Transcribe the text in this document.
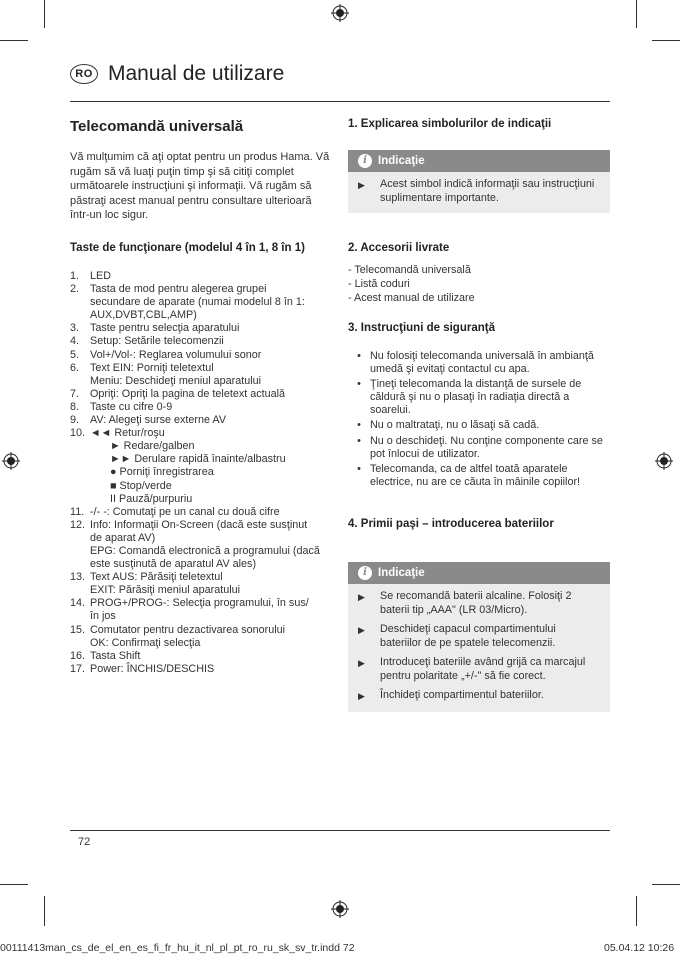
RO Manual de utilizare
Telecomandă universală
Vă mulţumim că aţi optat pentru un produs Hama. Vă rugăm să vă luaţi puţin timp şi să citiţi complet următoarele instrucţiuni şi informaţii. Vă rugăm să păstraţi acest manual pentru consultare ulterioară într-un loc sigur.
Taste de funcţionare (modelul 4 în 1, 8 în 1)
1.	LED
2.	Tasta de mod pentru alegerea grupei
secundare de aparate (numai modelul 8 în 1:
AUX,DVBT,CBL,AMP)
3.	Taste pentru selecţia aparatului
4.	Setup: Setările telecomenzii
5.	Vol+/Vol-: Reglarea volumului sonor
6.	Text EIN: Porniţi teletextul
Meniu: Deschideţi meniul aparatului
7.	Opriţi: Opriţi la pagina de teletext actuală
8.	Taste cu cifre 0-9
9.	AV: Alegeţi surse externe AV
10. ◄◄ Retur/roşu
► Redare/galben
►► Derulare rapidă înainte/albastru
● Porniţi înregistrarea
■ Stop/verde
II Pauză/purpuriu
11. -/- -: Comutaţi pe un canal cu două cifre
12. Info: Informaţii On-Screen (dacă este susţinut
de aparat AV)
EPG: Comandă electronică a programului (dacă
este susţinută de aparatul AV ales)
13. Text AUS: Părăsiţi teletextul
EXIT: Părăsiţi meniul aparatului
14. PROG+/PROG-: Selecţia programului, în sus/
în jos
15. Comutator pentru dezactivarea sonorului
OK: Confirmaţi selecţia
16. Tasta Shift
17. Power: ÎNCHIS/DESCHIS
1. Explicarea simbolurilor de indicaţii
i Indicaţie
▶	Acest simbol indică informaţii sau instrucţiuni suplimentare importante.
2. Accesorii livrate
- Telecomandă universală
- Listă coduri
- Acest manual de utilizare
3. Instrucţiuni de siguranţă
• Nu folosiţi telecomanda universală în ambianţă umedă şi evitaţi contactul cu apa.
• Ţineţi telecomanda la distanţă de sursele de căldură şi nu o plasaţi în radiaţia directă a soarelui.
• Nu o maltrataţi, nu o lăsaţi să cadă.
• Nu o deschideţi. Nu conţine componente care se pot înlocui de utilizator.
• Telecomanda, ca de altfel toată aparatele electrice, nu are ce căuta în mâinile copiilor!
4. Primii paşi – introducerea bateriilor
i Indicaţie
▶	Se recomandă baterii alcaline. Folosiţi 2 baterii tip „AAA" (LR 03/Micro).
▶	Deschideţi capacul compartimentului bateriilor de pe spatele telecomenzii.
▶	Introduceţi bateriile având grijă ca marcajul pentru polaritate „+/-" să fie corect.
▶	Închideţi compartimentul bateriilor.
72
00111413man_cs_de_el_en_es_fi_fr_hu_it_nl_pl_pt_ro_ru_sk_sv_tr.indd 72	05.04.12 10:26
